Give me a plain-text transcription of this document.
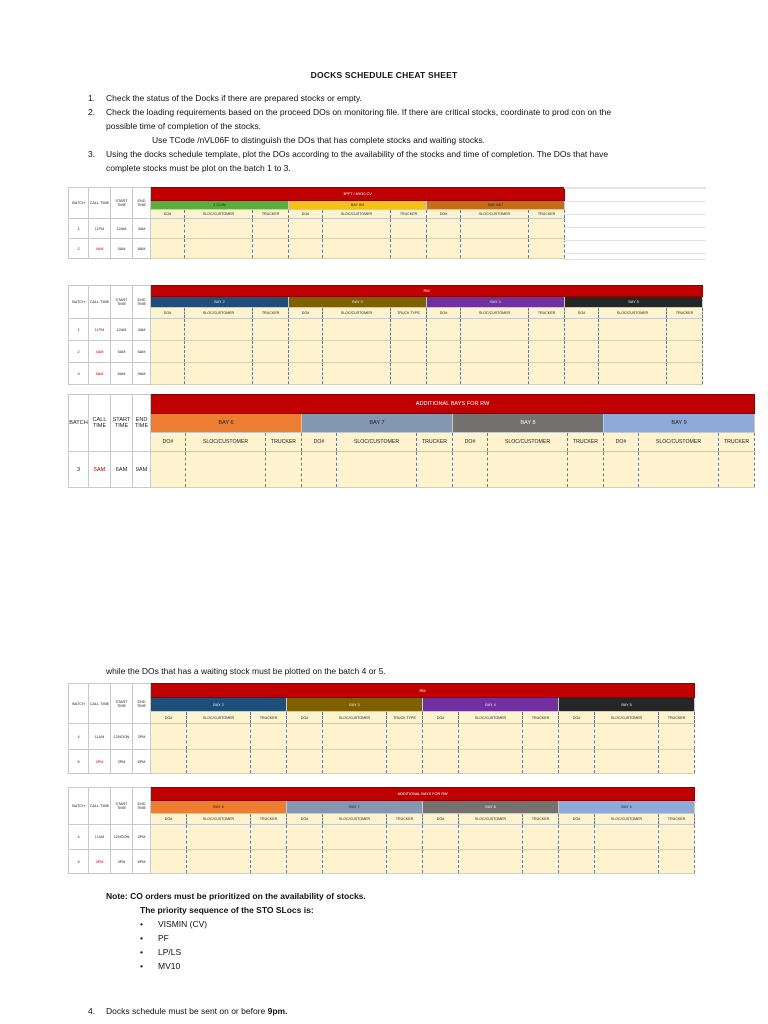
DOCKS SCHEDULE CHEAT SHEET
1. Check the status of the Docks if there are prepared stocks or empty.
2. Check the loading requirements based on the proceed DOs on monitoring file. If there are critical stocks, coordinate to prod con on the
possible time of completion of the stocks.
Use TCode /nVL06F to distinguish the DOs that has complete stocks and waiting stocks.
3. Using the docks schedule template, plot the DOs according to the availability of the stocks and time of completion. The DOs that have
complete stocks must be plot on the batch 1 to 3.
BATCH	CALL TIME	START TIME	END TIME	3PFT / MV10 CV								
				1 CV/M			BAY 8/9			BAY 6&7		
				DO#	SLOC/CUSTOMER	TRUCKER	DO#	SLOC/CUSTOMER	TRUCKER	DO#	SLOC/CUSTOMER	TRUCKER
1	11PM	12AM	3AM									
2	4AM	5AM	8AM									
BATCH	CALL TIME	START TIME	END TIME	RW											
				BAY 2			BAY 3			BAY 4			BAY 5		
				DO#	SLOC/CUSTOMER	TRUCKER	DO#	SLOC/CUSTOMER	TRUCK TYPE	DO#	SLOC/CUSTOMER	TRUCKER	DO#	SLOC/CUSTOMER	TRUCKER
1	11PM	12AM	3AM												
2	4AM	5AM	6AM												
3	5AM	6AM	9AM												
BATCH	CALL TIME	START TIME	END TIME	ADDITIONAL BAYS FOR RW											
				BAY 6			BAY 7			BAY 8			BAY 9		
				DO#	SLOC/CUSTOMER	TRUCKER	DO#	SLOC/CUSTOMER	TRUCKER	DO#	SLOC/CUSTOMER	TRUCKER	DO#	SLOC/CUSTOMER	TRUCKER
3	5AM	6AM	9AM												
while the DOs that has a waiting stock must be plotted on the batch 4 or 5.
BATCH	CALL TIME	START TIME	END TIME	RW											
				BAY 2			BAY 3			BAY 4			BAY 5		
				DO#	SLOC/CUSTOMER	TRUCKER	DO#	SLOC/CUSTOMER	TRUCK TYPE	DO#	SLOC/CUSTOMER	TRUCKER	DO#	SLOC/CUSTOMER	TRUCKER
4	11AM	12NOON	3PM												
5	3PM	3PM	6PM												
BATCH	CALL TIME	START TIME	END TIME	ADDITIONAL BAYS FOR RW											
				BAY 6			BAY 7			BAY 8			BAY 9		
				DO#	SLOC/CUSTOMER	TRUCKER	DO#	SLOC/CUSTOMER	TRUCKER	DO#	SLOC/CUSTOMER	TRUCKER	DO#	SLOC/CUSTOMER	TRUCKER
4	11AM	12NOON	3PM												
5	3PM	3PM	6PM												
Note: CO orders must be prioritized on the availability of stocks.
The priority sequence of the STO SLocs is:
• VISMIN (CV)
• PF
• LP/LS
• MV10
4. Docks schedule must be sent on or before 9pm.
